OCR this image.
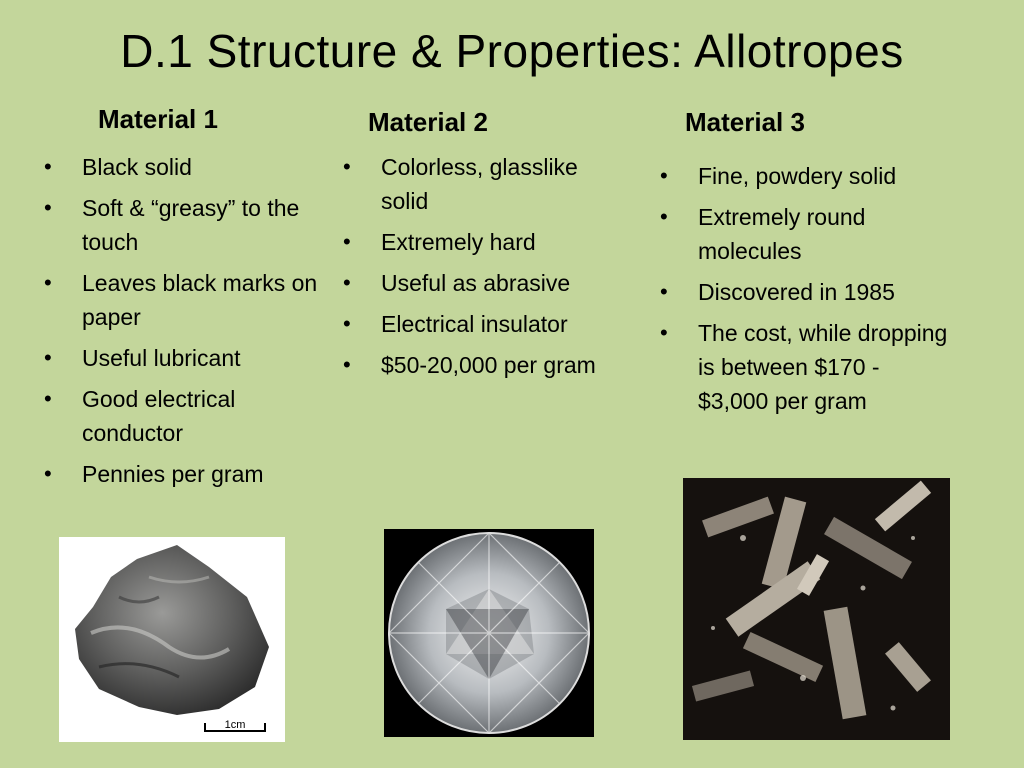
D.1 Structure & Properties: Allotropes
Material 1
• Black solid
• Soft & “greasy” to the touch
• Leaves black marks on paper
• Useful lubricant
• Good electrical conductor
• Pennies per gram
Material 2
• Colorless, glasslike solid
• Extremely hard
• Useful as abrasive
• Electrical insulator
• $50-20,000 per gram
Material 3
• Fine, powdery solid
• Extremely round molecules
• Discovered in 1985
• The cost, while dropping is between $170 - $3,000 per gram
1cm
